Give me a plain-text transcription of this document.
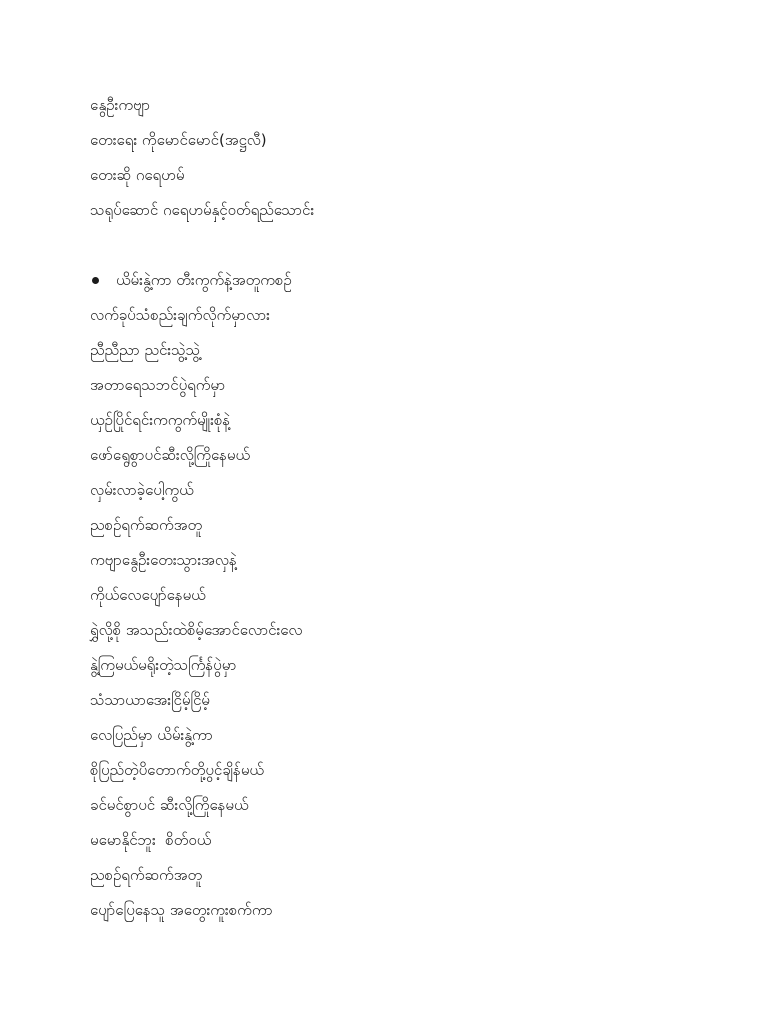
နွေဦးကဗျာ
တေးရေး ကိုမောင်မောင်(အဋ္ဌလီ)
တေးဆို ဂရေဟမ်
သရုပ်ဆောင် ဂရေဟမ်နှင့်ဝတ်ရည်သောင်း
ယိမ်းနွဲ့ကာ တီးကွက်နဲ့အတူကစဉ်
လက်ခုပ်သံစည်းချက်လိုက်မှာလား
ညီညီညာ ညင်းသွဲ့သွဲ့
အတာရေသဘင်ပွဲရက်မှာ
ယှဉ်ပြိုင်ရင်းကကွက်မျိုးစုံနဲ့
ဖော်ရွေစွာပင်ဆီးလို့ကြိုနေမယ်
လှမ်းလာခဲ့ပေါ့ကွယ်
ညစဉ်ရက်ဆက်အတူ
ကဗျာနွေဦးတေးသွားအလှနဲ့
ကိုယ်လေပျော်နေမယ်
ရွှဲလို့စို အသည်းထဲစိမ့်အောင်လောင်းလေ
နွဲ့ကြမယ်မရိုးတဲ့သင်္ကြန်ပွဲမှာ
သံသာယာအေးငြိမ့်ငြိမ့်
လေပြည်မှာ ယိမ်းနွဲ့ကာ
စိုပြည်တဲ့ပိတောက်တို့ပွင့်ချိန်မယ်
ခင်မင်စွာပင် ဆီးလို့ကြိုနေမယ်
မမောနိုင်ဘူး  စိတ်ဝယ်
ညစဉ်ရက်ဆက်အတူ
ပျော်ပြေနေသူ အတွေးကူးစက်ကာ
